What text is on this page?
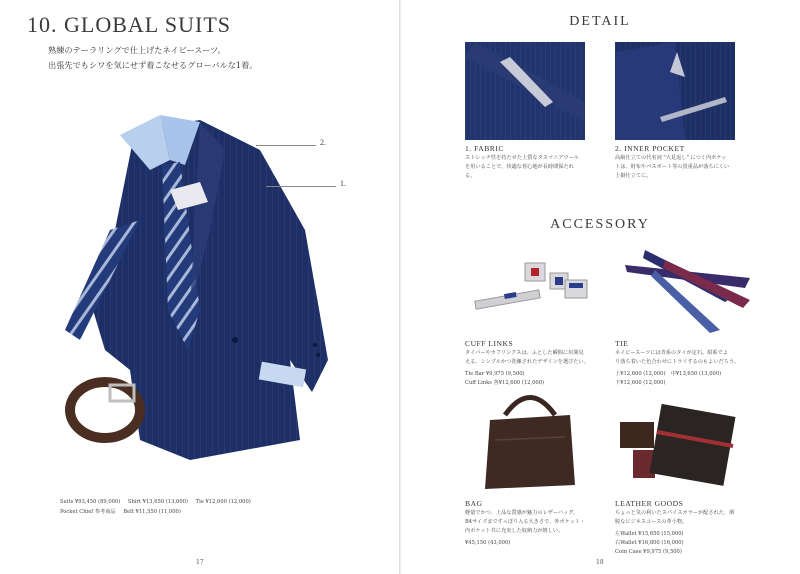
10. GLOBAL SUITS
熟練のテーラリングで仕上げたネイビースーツ。
出張先でもシワを気にせず着こなせるグローバルな1着。
2.
1.
Suits ¥93,450 (89,000) Shirt ¥13,650 (13,000) Tie ¥12,600 (12,000)
Pocket Chief 参考商品 Belt ¥11,550 (11,000)
17
DETAIL
1. FABRIC
ストレッチ性を持たせた上質なタスマニアウール
を用いることで、快適な着心地が長時間保たれ
る。
2. INNER POCKET
高級仕立ての代名詞 "大見返し" につく内ポケッ
トは、財布やパスポート等の貴重品が落ちにくい
上掛仕立てに。
ACCESSORY
CUFF LINKS
タイバーやカフリンクスは、ふとした瞬間に垣間見
える、シンプルかつ洗練されたデザインを選びたい。
Tie Bar ¥9,975 (9,500)
Cuff Links 各¥12,600 (12,000)
TIE
ネイビースーツには青系のタイが定石。紺系でよ
り落ち着いた色合わせにトライするのもよいだろう。
上¥12,600 (12,000)　中¥13,650 (13,000)
下¥12,600 (12,000)
BAG
軽量でかつ、上品な質感が魅力のレザーバッグ。
B4サイズまですっぽり入る大きさで、外ポケット・
内ポケット共に充実した収納力が嬉しい。
¥45,150 (43,000)
LEATHER GOODS
ちょっと気の利いたスパイスカラーが配された、洒
脱なビジネスユースの革小物。
左Wallet ¥15,650 (15,000)
右Wallet ¥16,800 (16,000)
Coin Case ¥9,975 (9,500)
18
